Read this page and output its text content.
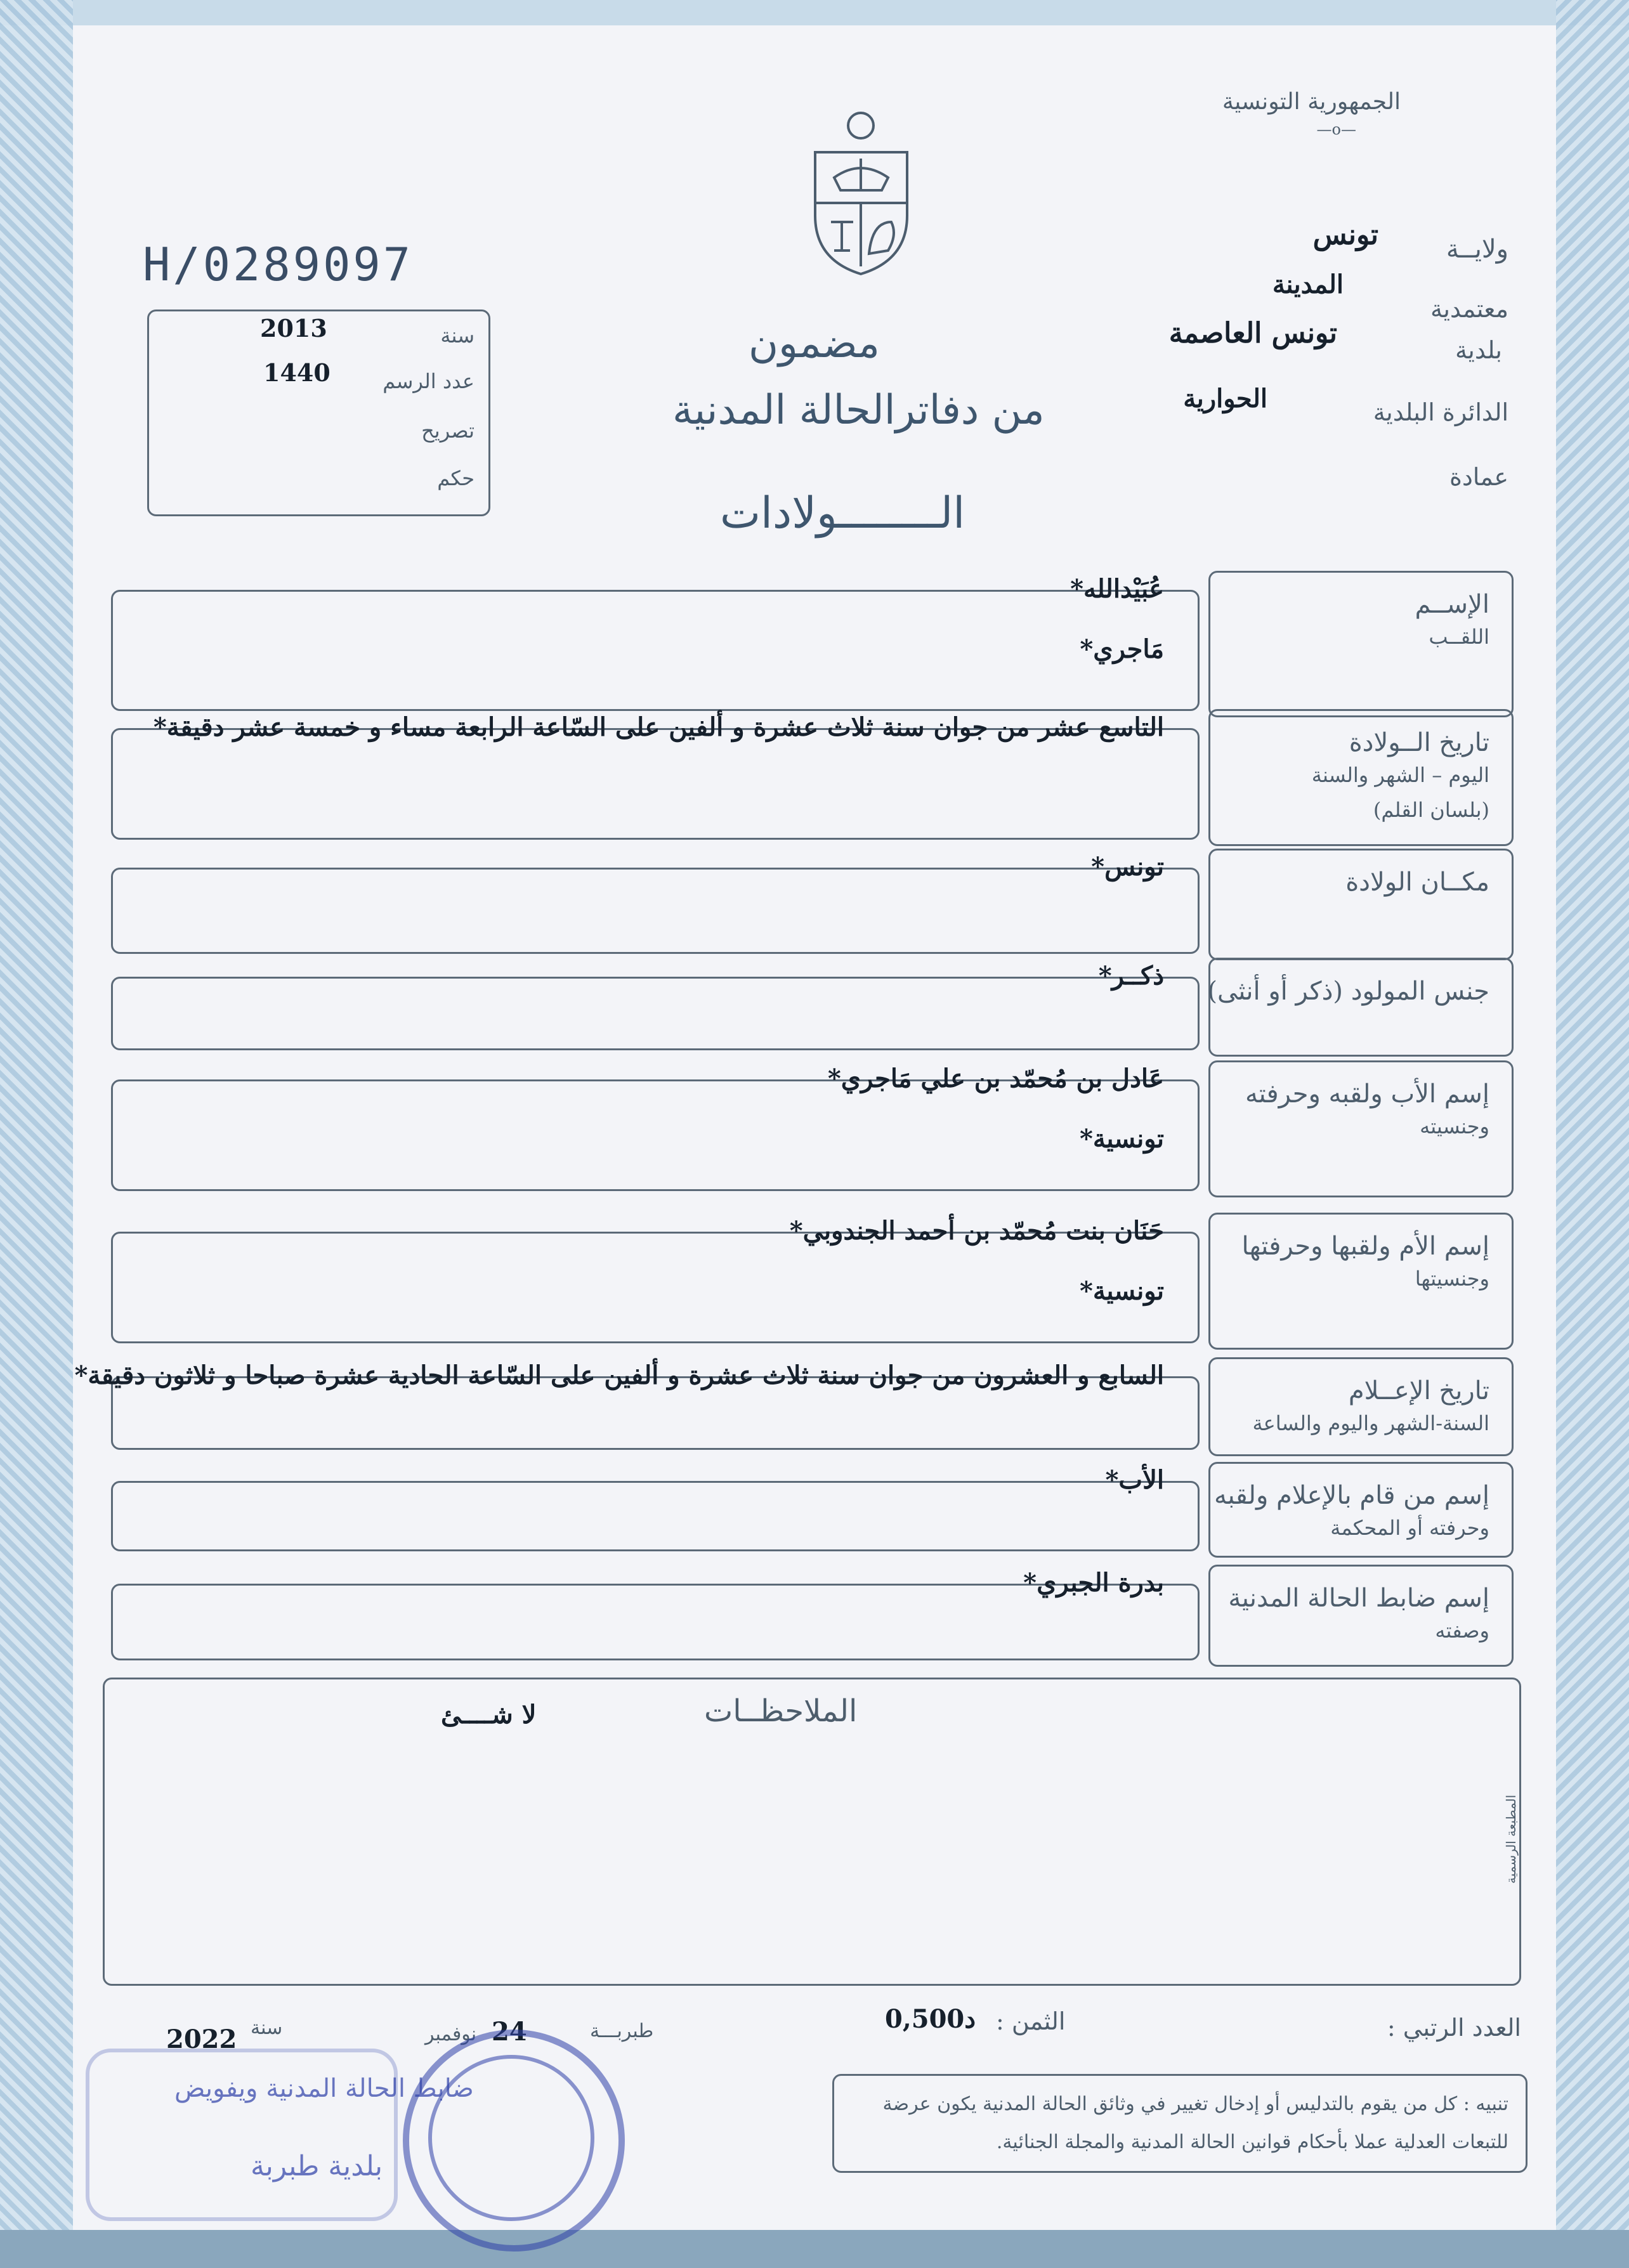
الجمهورية التونسية
—o—
ولايــة
تونس
معتمدية
المدينة
بلدية
تونس العاصمة
الدائرة البلدية
الحوارية
عمادة
H/0289097
سنة
2013
عدد الرسم
1440
تصريح
حكم
مضمون
من دفاترالحالة المدنية
الــــــــولادات
الإســم
اللقــب
عُبَيْدالله*
مَاجري*
تاريخ الــولادة
اليوم – الشهر والسنة
(بلسان القلم)
التاسع عشر من جوان سنة ثلاث عشرة و ألفين على السّاعة الرابعة مساء و خمسة عشر دقيقة*
مكــان الولادة
تونس*
جنس المولود (ذكر أو أنثى)
ذكــر*
إسم الأب ولقبه وحرفته
وجنسيته
عَادل بن مُحمّد بن علي مَاجري*
تونسية*
إسم الأم ولقبها وحرفتها
وجنسيتها
حَنَان بنت مُحمّد بن أحمد الجندوبي*
تونسية*
تاريخ الإعــلام
السنة-الشهر واليوم والساعة
السابع و العشرون من جوان سنة ثلاث عشرة و ألفين على السّاعة الحادية عشرة صباحا و ثلاثون دقيقة*
إسم من قام بالإعلام ولقبه
وحرفته أو المحكمة
الأب*
إسم ضابط الحالة المدنية
وصفته
بدرة الجبري*
الملاحظــات
لا شــــئ
المطبعة الرسمية
العدد الرتبي :
الثمن :
0,500د
طبربـــة
24
نوفمبر
سنة
2022
تنبيه : كل من يقوم بالتدليس أو إدخال تغيير في وثائق الحالة المدنية يكون عرضة
للتبعات العدلية عملا بأحكام قوانين الحالة المدنية والمجلة الجنائية.
ضابط الحالة المدنية ويفويض
بلدية طبربة
